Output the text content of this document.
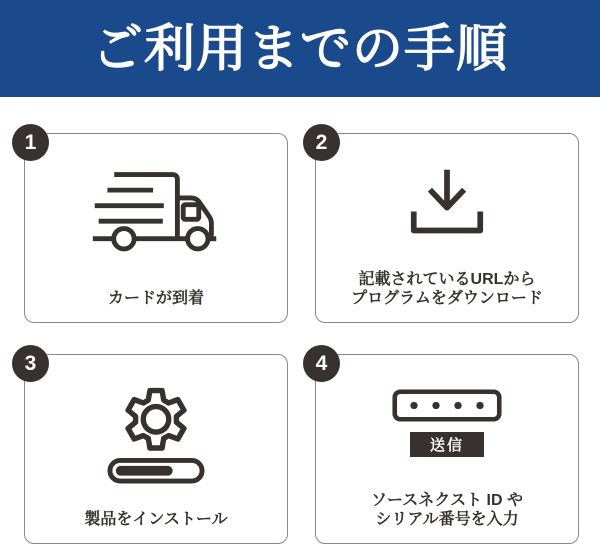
ご利用までの手順
1

カードが到着

2

記載されているURLから
プログラムをダウンロード

3

製品をインストール

4
送信

ソースネクスト ID や
シリアル番号を入力
